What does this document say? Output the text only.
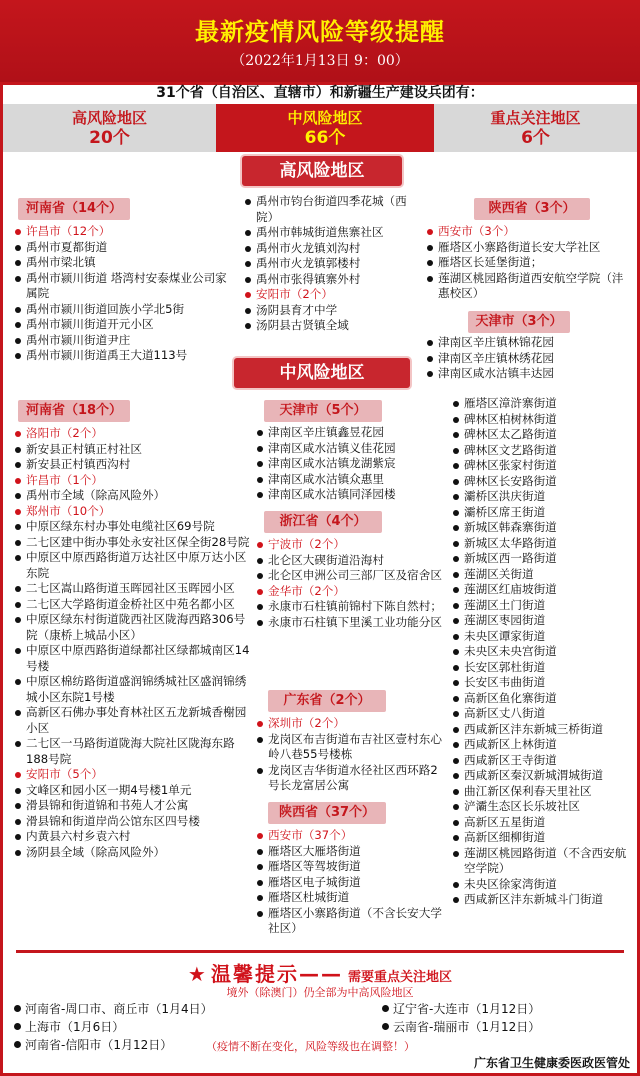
最新疫情风险等级提醒
（2022年1月13日 9：00）
31个省（自治区、直辖市）和新疆生产建设兵团有：
高风险地区
20个
中风险地区
66个
重点关注地区
6个
高风险地区
河南省（14个）
许昌市（12个）
禹州市夏都街道
禹州市梁北镇
禹州市颍川街道 塔湾村安泰煤业公司家属院
禹州市颍川街道回族小学北5街
禹州市颍川街道开元小区
禹州市颍川街道尹庄
禹州市颍川街道禹王大道113号
禹州市钧台街道四季花城（西院）
禹州市韩城街道焦寨社区
禹州市火龙镇刘沟村
禹州市火龙镇郭楼村
禹州市张得镇寨外村
安阳市（2个）
汤阴县育才中学
汤阴县古贤镇全域
陕西省（3个）
西安市（3个）
雁塔区小寨路街道长安大学社区
雁塔区长延堡街道；
莲湖区桃园路街道西安航空学院（沣惠校区）
天津市（3个）
津南区辛庄镇林锦花园
津南区辛庄镇林绣花园
津南区咸水沽镇丰达园
中风险地区
河南省（18个）
洛阳市（2个）
新安县正村镇正村社区
新安县正村镇西沟村
许昌市（1个）
禹州市全域（除高风险外）
郑州市（10个）
中原区绿东村办事处电缆社区69号院
二七区建中街办事处永安社区保全街28号院
中原区中原西路街道万达社区中原万达小区东院
二七区嵩山路街道玉晖园社区玉晖园小区
二七区大学路街道金桥社区中苑名都小区
中原区绿东村街道陇西社区陇海西路306号院（康桥上城品小区）
中原区中原西路街道绿都社区绿都城南区14号楼
中原区棉纺路街道盛润锦绣城社区盛润锦绣城小区东院1号楼
高新区石佛办事处育林社区五龙新城香榭园小区
二七区一马路街道陇海大院社区陇海东路188号院
安阳市（5个）
文峰区和园小区一期4号楼1单元
滑县锦和街道锦和书苑人才公寓
滑县锦和街道岸尚公馆东区四号楼
内黄县六村乡袁六村
汤阴县全域（除高风险外）
天津市（5个）
津南区辛庄镇鑫昱花园
津南区咸水沽镇义佳花园
津南区咸水沽镇龙湖紫宸
津南区咸水沽镇众惠里
津南区咸水沽镇同泽园楼
浙江省（4个）
宁波市（2个）
北仑区大碶街道沿海村
北仑区申洲公司三部厂区及宿舍区
金华市（2个）
永康市石柱镇前锦村下陈自然村；
永康市石柱镇下里溪工业功能分区
广东省（2个）
深圳市（2个）
龙岗区布吉街道布吉社区壹村东心岭八巷55号楼栋
龙岗区吉华街道水径社区西环路2号长龙富居公寓
陕西省（37个）
西安市（37个）
雁塔区大雁塔街道
雁塔区等驾坡街道
雁塔区电子城街道
雁塔区杜城街道
雁塔区小寨路街道（不含长安大学社区）
雁塔区漳浒寨街道
碑林区柏树林街道
碑林区太乙路街道
碑林区文艺路街道
碑林区张家村街道
碑林区长安路街道
灞桥区洪庆街道
灞桥区席王街道
新城区韩森寨街道
新城区太华路街道
新城区西一路街道
莲湖区关街道
莲湖区红庙坡街道
莲湖区土门街道
莲湖区枣园街道
未央区谭家街道
未央区未央宫街道
长安区郭杜街道
长安区韦曲街道
高新区鱼化寨街道
高新区丈八街道
西咸新区沣东新城三桥街道
西咸新区上林街道
西咸新区王寺街道
西咸新区秦汉新城渭城街道
曲江新区保利春天里社区
浐灞生态区长乐坡社区
高新区五星街道
高新区细柳街道
莲湖区桃园路街道（不含西安航空学院）
未央区徐家湾街道
西咸新区沣东新城斗门街道
★ 温馨提示—— 需要重点关注地区
境外（除澳门）仍全部为中高风险地区
河南省-周口市、商丘市（1月4日）
上海市（1月6日）
河南省-信阳市（1月12日）
辽宁省-大连市（1月12日）
云南省-瑞丽市（1月12日）
（疫情不断在变化，风险等级也在调整！）
广东省卫生健康委医政医管处
